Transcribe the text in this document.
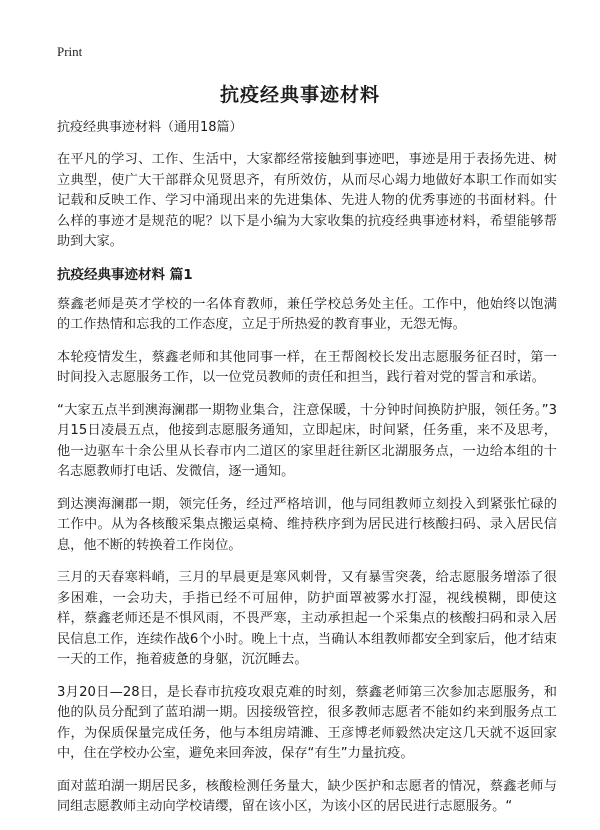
Print
抗疫经典事迹材料

抗疫经典事迹材料（通用18篇）

在平凡的学习、工作、生活中，大家都经常接触到事迹吧，事迹是用于表扬先进、树立典型，使广大干部群众见贤思齐，有所效仿，从而尽心竭力地做好本职工作而如实记载和反映工作、学习中涌现出来的先进集体、先进人物的优秀事迹的书面材料。什么样的事迹才是规范的呢？以下是小编为大家收集的抗疫经典事迹材料，希望能够帮助到大家。

抗疫经典事迹材料 篇1

蔡鑫老师是英才学校的一名体育教师，兼任学校总务处主任。工作中，他始终以饱满的工作热情和忘我的工作态度，立足于所热爱的教育事业，无怨无悔。

本轮疫情发生，蔡鑫老师和其他同事一样，在王帮阁校长发出志愿服务征召时，第一时间投入志愿服务工作，以一位党员教师的责任和担当，践行着对党的誓言和承诺。

“大家五点半到澳海澜郡一期物业集合，注意保暖，十分钟时间换防护服，领任务。”3月15日凌晨五点，他接到志愿服务通知，立即起床，时间紧，任务重，来不及思考，他一边驱车十余公里从长春市内二道区的家里赶往新区北湖服务点，一边给本组的十名志愿教师打电话、发微信，逐一通知。

到达澳海澜郡一期，领完任务，经过严格培训，他与同组教师立刻投入到紧张忙碌的工作中。从为各核酸采集点搬运桌椅、维持秩序到为居民进行核酸扫码、录入居民信息，他不断的转换着工作岗位。

三月的天春寒料峭，三月的早晨更是寒风刺骨，又有暴雪突袭，给志愿服务增添了很多困难，一会功夫，手指已经不可屈伸，防护面罩被雾水打湿，视线模糊，即使这样，蔡鑫老师还是不惧风雨，不畏严寒，主动承担起一个采集点的核酸扫码和录入居民信息工作，连续作战6个小时。晚上十点，当确认本组教师都安全到家后，他才结束一天的工作，拖着疲惫的身躯，沉沉睡去。

3月20日—28日，是长春市抗疫攻艰克难的时刻，蔡鑫老师第三次参加志愿服务，和他的队员分配到了蓝珀湖一期。因接级管控，很多教师志愿者不能如约来到服务点工作，为保质保量完成任务，他与本组房靖濉、王彦博老师毅然决定这几天就不返回家中，住在学校办公室，避免来回奔波，保存“有生”力量抗疫。

面对蓝珀湖一期居民多，核酸检测任务量大，缺少医护和志愿者的情况，蔡鑫老师与同组志愿教师主动向学校请缨，留在该小区，为该小区的居民进行志愿服务。“
